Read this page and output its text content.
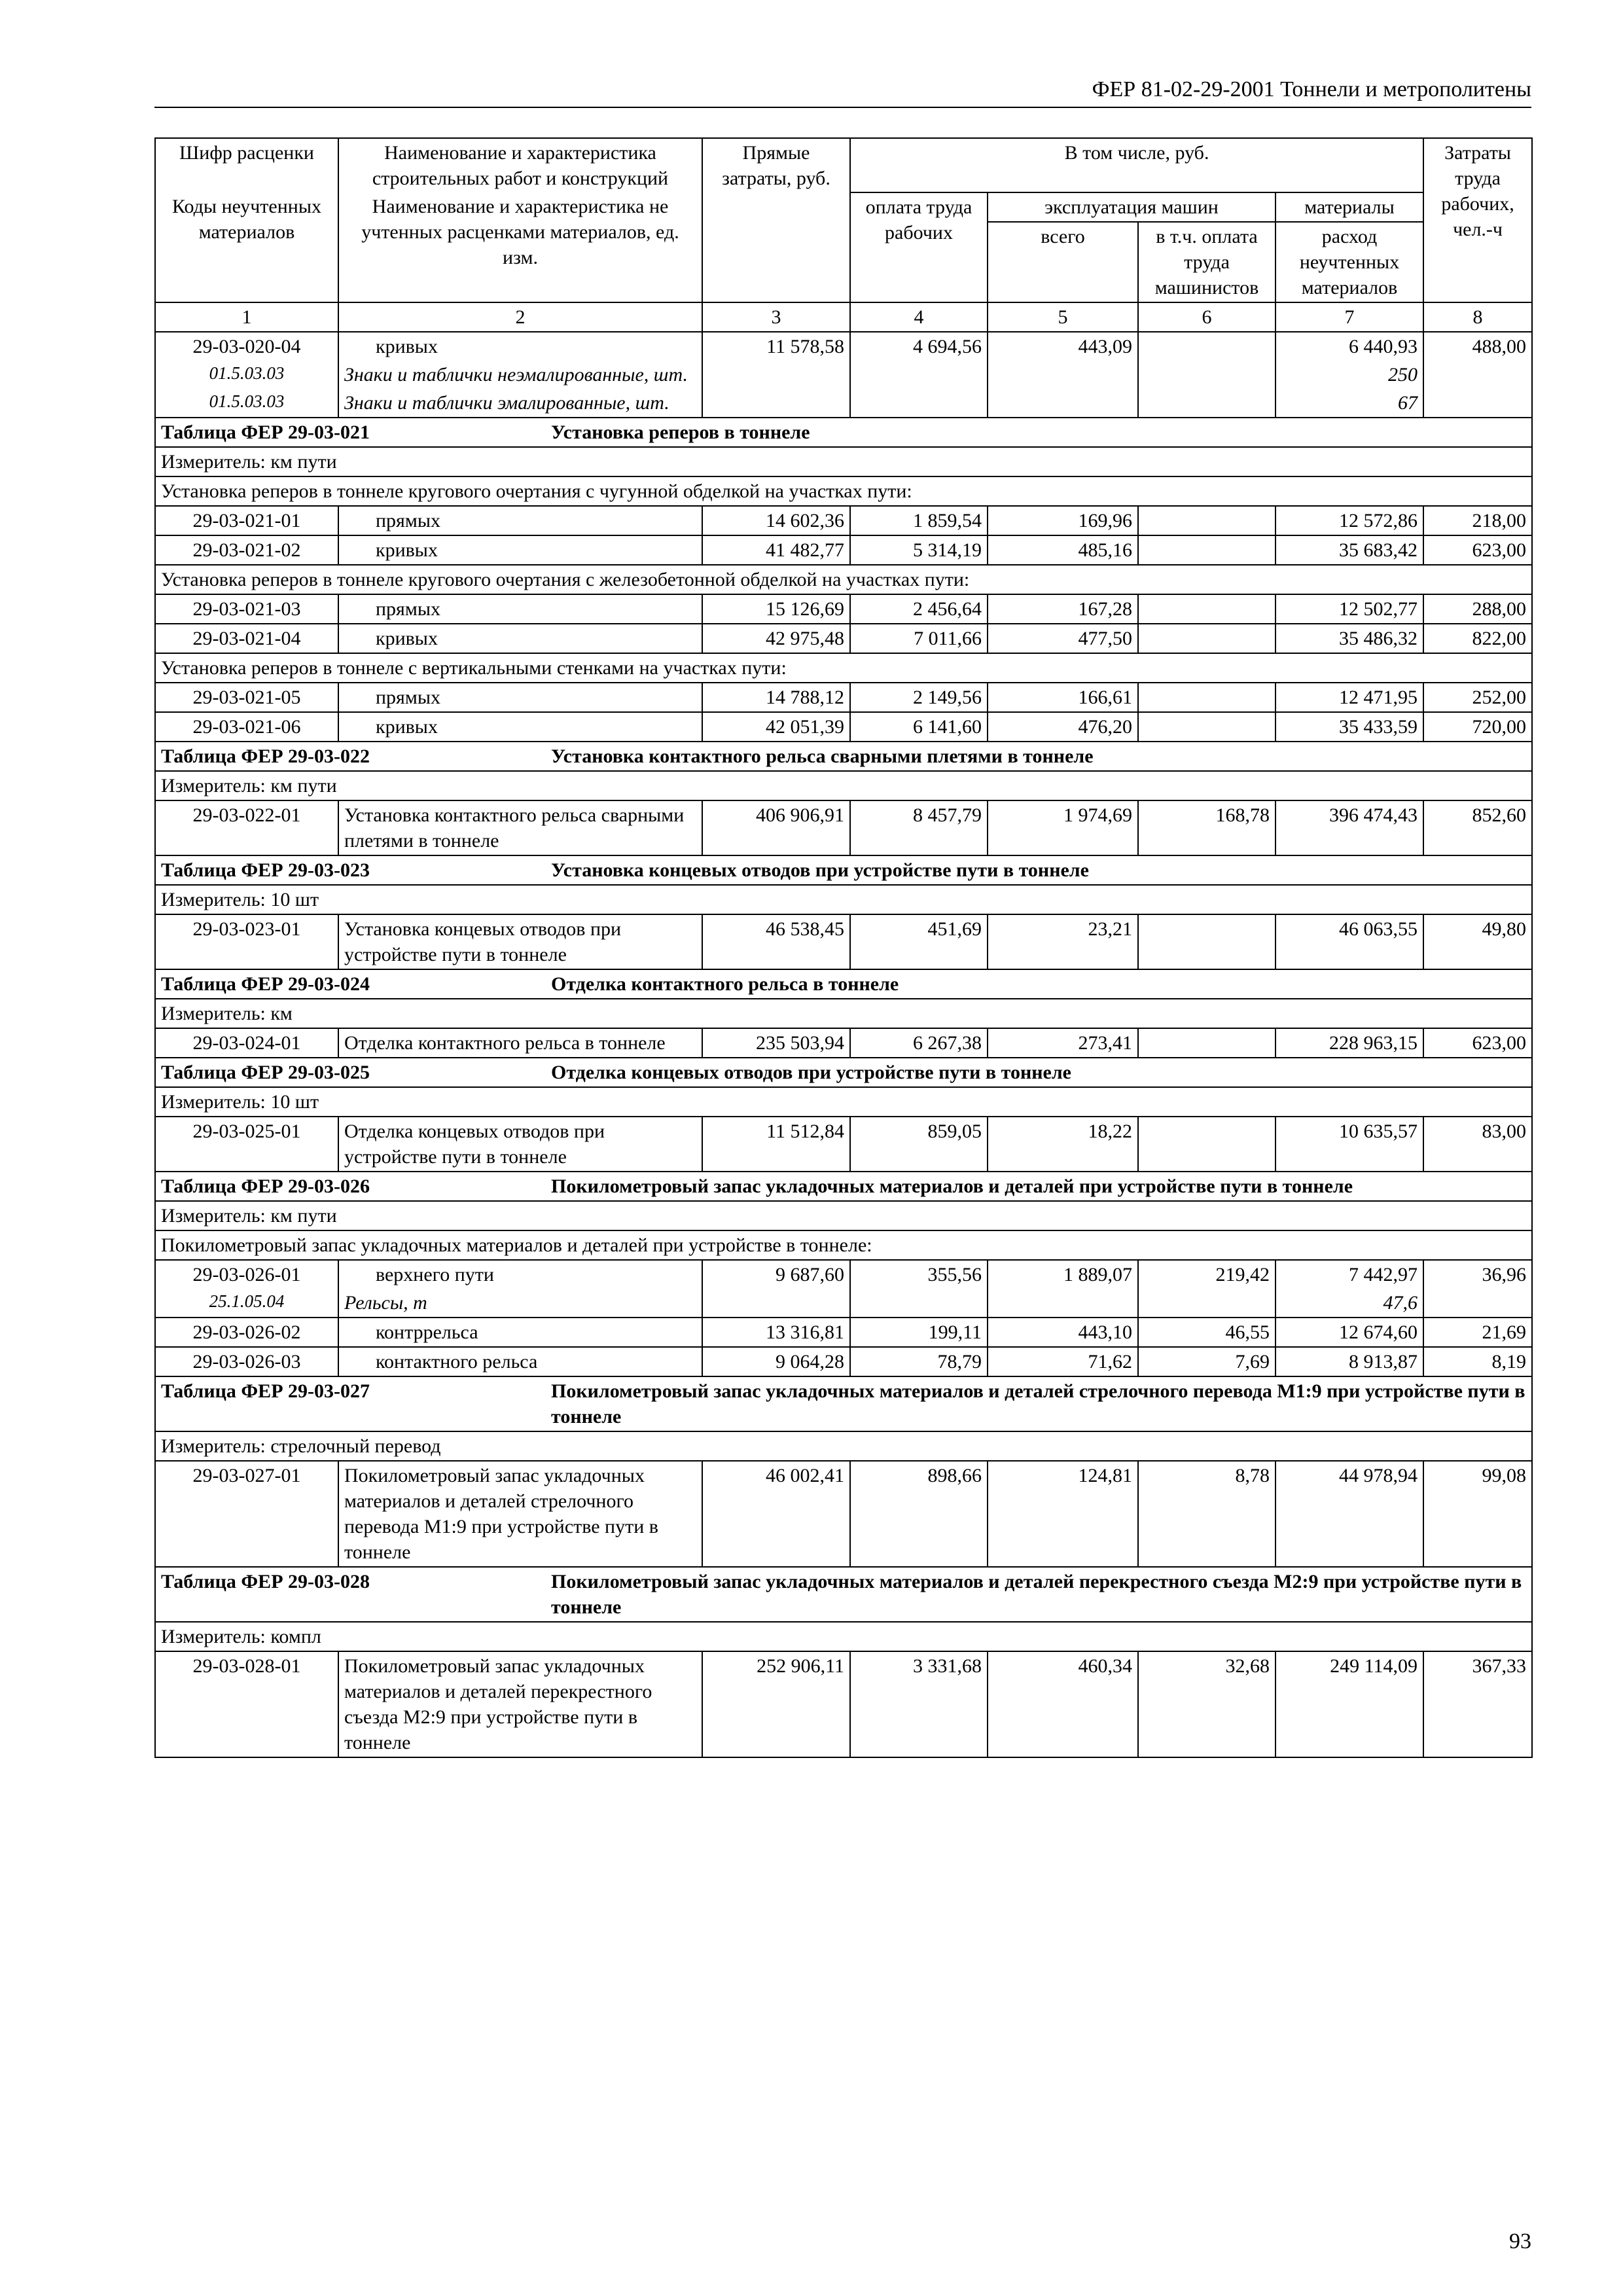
ФЕР 81-02-29-2001 Тоннели и метрополитены
Шифр расценки	Наименование и характеристика строительных работ и конструкций	Прямые затраты, руб.	В том числе, руб.				Затраты труда рабочих, чел.-ч
Коды неучтенных материалов	Наименование и характеристика не учтенных расценками материалов, ед. изм.		оплата труда рабочих	эксплуатация машин		материалы	
				всего	в т.ч. оплата труда машинистов	расход неучтенных материалов	

1	2	3	4	5	6	7	8
29-03-020-04	кривых	11 578,58	4 694,56	443,09		6 440,93	488,00
01.5.03.03	Знаки и таблички неэмалированные, шт.					250	
01.5.03.03	Знаки и таблички эмалированные, шт.					67	

Таблица ФЕР 29-03-021 Установка реперов в тоннеле							

Измеритель: км пути							
Установка реперов в тоннеле кругового очертания с чугунной обделкой на участках пути:							
29-03-021-01	прямых	14 602,36	1 859,54	169,96		12 572,86	218,00
29-03-021-02	кривых	41 482,77	5 314,19	485,16		35 683,42	623,00
Установка реперов в тоннеле кругового очертания с железобетонной обделкой на участках пути:							
29-03-021-03	прямых	15 126,69	2 456,64	167,28		12 502,77	288,00
29-03-021-04	кривых	42 975,48	7 011,66	477,50		35 486,32	822,00
Установка реперов в тоннеле с вертикальными стенками на участках пути:							
29-03-021-05	прямых	14 788,12	2 149,56	166,61		12 471,95	252,00
29-03-021-06	кривых	42 051,39	6 141,60	476,20		35 433,59	720,00

Таблица ФЕР 29-03-022 Установка контактного рельса сварными плетями в тоннеле							

Измеритель: км пути							
29-03-022-01	Установка контактного рельса сварными плетями в тоннеле	406 906,91	8 457,79	1 974,69	168,78	396 474,43	852,60

Таблица ФЕР 29-03-023 Установка концевых отводов при устройстве пути в тоннеле							

Измеритель: 10 шт							
29-03-023-01	Установка концевых отводов при устройстве пути в тоннеле	46 538,45	451,69	23,21		46 063,55	49,80

Таблица ФЕР 29-03-024 Отделка контактного рельса в тоннеле							

Измеритель: км							
29-03-024-01	Отделка контактного рельса в тоннеле	235 503,94	6 267,38	273,41		228 963,15	623,00

Таблица ФЕР 29-03-025 Отделка концевых отводов при устройстве пути в тоннеле							

Измеритель: 10 шт							
29-03-025-01	Отделка концевых отводов при устройстве пути в тоннеле	11 512,84	859,05	18,22		10 635,57	83,00

Таблица ФЕР 29-03-026 Покилометровый запас укладочных материалов и деталей при устройстве пути в тоннеле							

Измеритель: км пути							
Покилометровый запас укладочных материалов и деталей при устройстве в тоннеле:							
29-03-026-01	верхнего пути	9 687,60	355,56	1 889,07	219,42	7 442,97	36,96
25.1.05.04	Рельсы, т					47,6	
29-03-026-02	контррельса	13 316,81	199,11	443,10	46,55	12 674,60	21,69
29-03-026-03	контактного рельса	9 064,28	78,79	71,62	7,69	8 913,87	8,19

Таблица ФЕР 29-03-027 Покилометровый запас укладочных материалов и деталей стрелочного перевода М1:9 при устройстве пути в тоннеле							

Измеритель: стрелочный перевод							
29-03-027-01	Покилометровый запас укладочных материалов и деталей стрелочного перевода М1:9 при устройстве пути в тоннеле	46 002,41	898,66	124,81	8,78	44 978,94	99,08

Таблица ФЕР 29-03-028 Покилометровый запас укладочных материалов и деталей перекрестного съезда М2:9 при устройстве пути в тоннеле							

Измеритель: компл							
29-03-028-01	Покилометровый запас укладочных материалов и деталей перекрестного съезда М2:9 при устройстве пути в тоннеле	252 906,11	3 331,68	460,34	32,68	249 114,09	367,33
93
